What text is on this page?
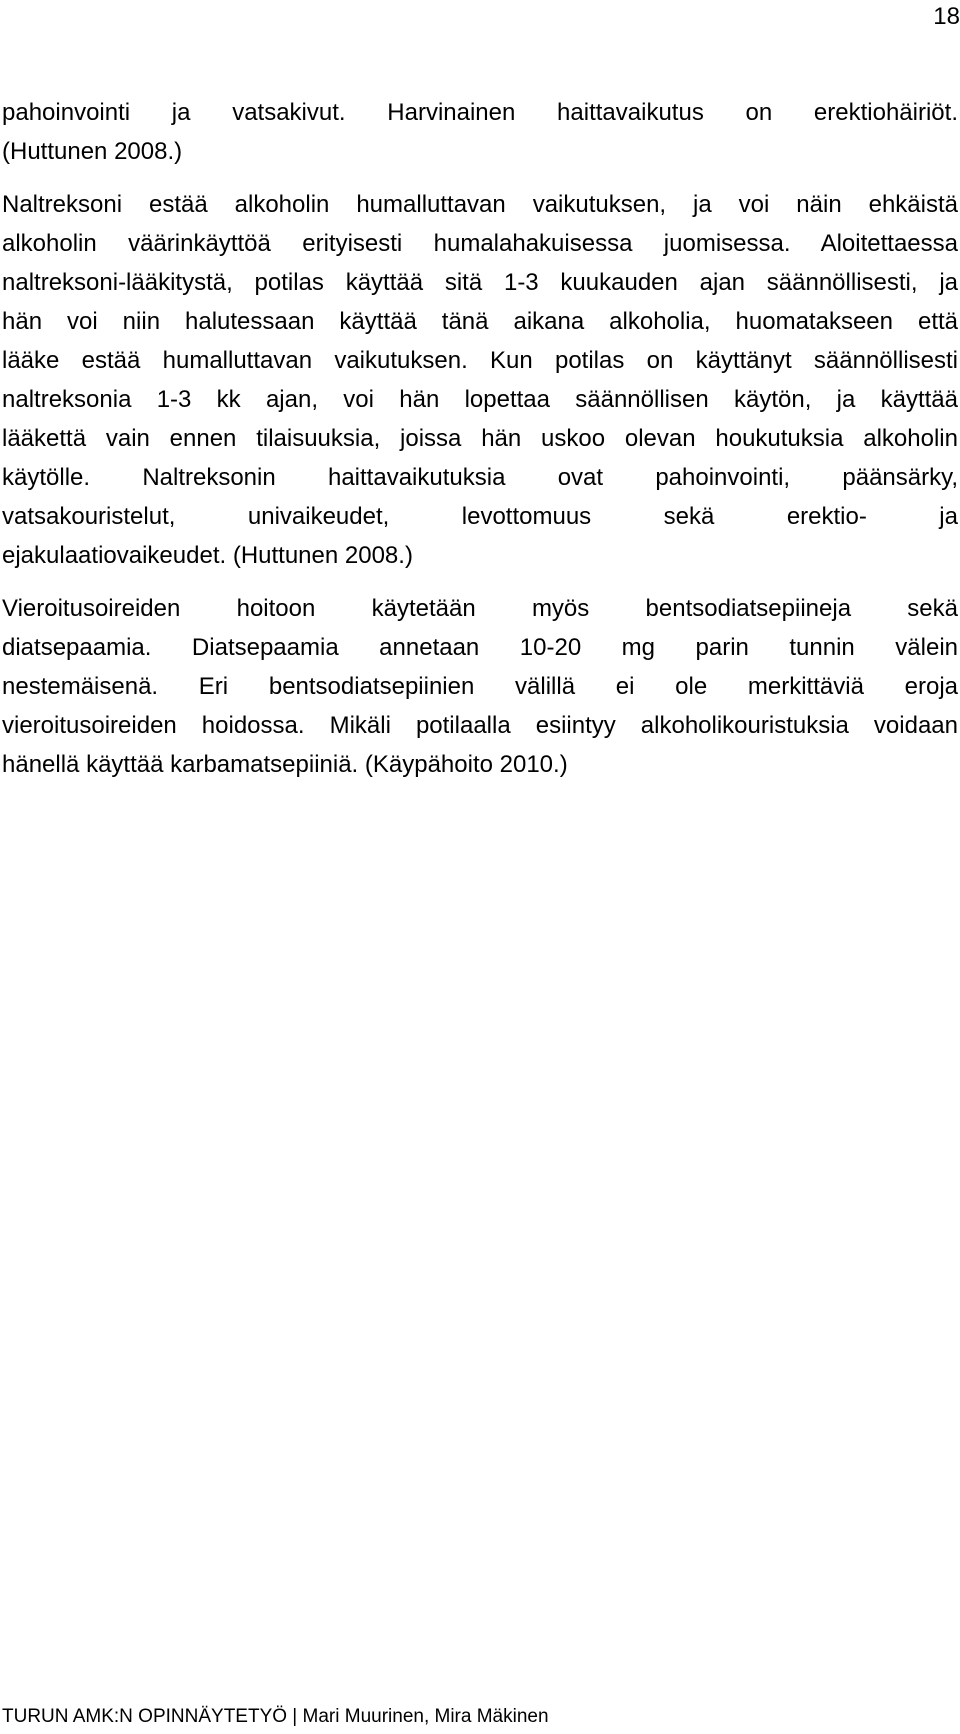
18
pahoinvointi ja vatsakivut. Harvinainen haittavaikutus on erektiohäiriöt.
(Huttunen 2008.)
Naltreksoni estää alkoholin humalluttavan vaikutuksen, ja voi näin ehkäistä
alkoholin väärinkäyttöä erityisesti humalahakuisessa juomisessa. Aloitettaessa
naltreksoni-lääkitystä, potilas käyttää sitä 1-3 kuukauden ajan säännöllisesti, ja
hän voi niin halutessaan käyttää tänä aikana alkoholia, huomatakseen että
lääke estää humalluttavan vaikutuksen. Kun potilas on käyttänyt säännöllisesti
naltreksonia 1-3 kk ajan, voi hän lopettaa säännöllisen käytön, ja käyttää
lääkettä vain ennen tilaisuuksia, joissa hän uskoo olevan houkutuksia alkoholin
käytölle. Naltreksonin haittavaikutuksia ovat pahoinvointi, päänsärky,
vatsakouristelut, univaikeudet, levottomuus sekä erektio- ja
ejakulaatiovaikeudet. (Huttunen 2008.)
Vieroitusoireiden hoitoon käytetään myös bentsodiatsepiineja sekä
diatsepaamia. Diatsepaamia annetaan 10-20 mg parin tunnin välein
nestemäisenä. Eri bentsodiatsepiinien välillä ei ole merkittäviä eroja
vieroitusoireiden hoidossa. Mikäli potilaalla esiintyy alkoholikouristuksia voidaan
hänellä käyttää karbamatsepiiniä. (Käypähoito 2010.)
TURUN AMK:N OPINNÄYTETYÖ | Mari Muurinen, Mira Mäkinen
